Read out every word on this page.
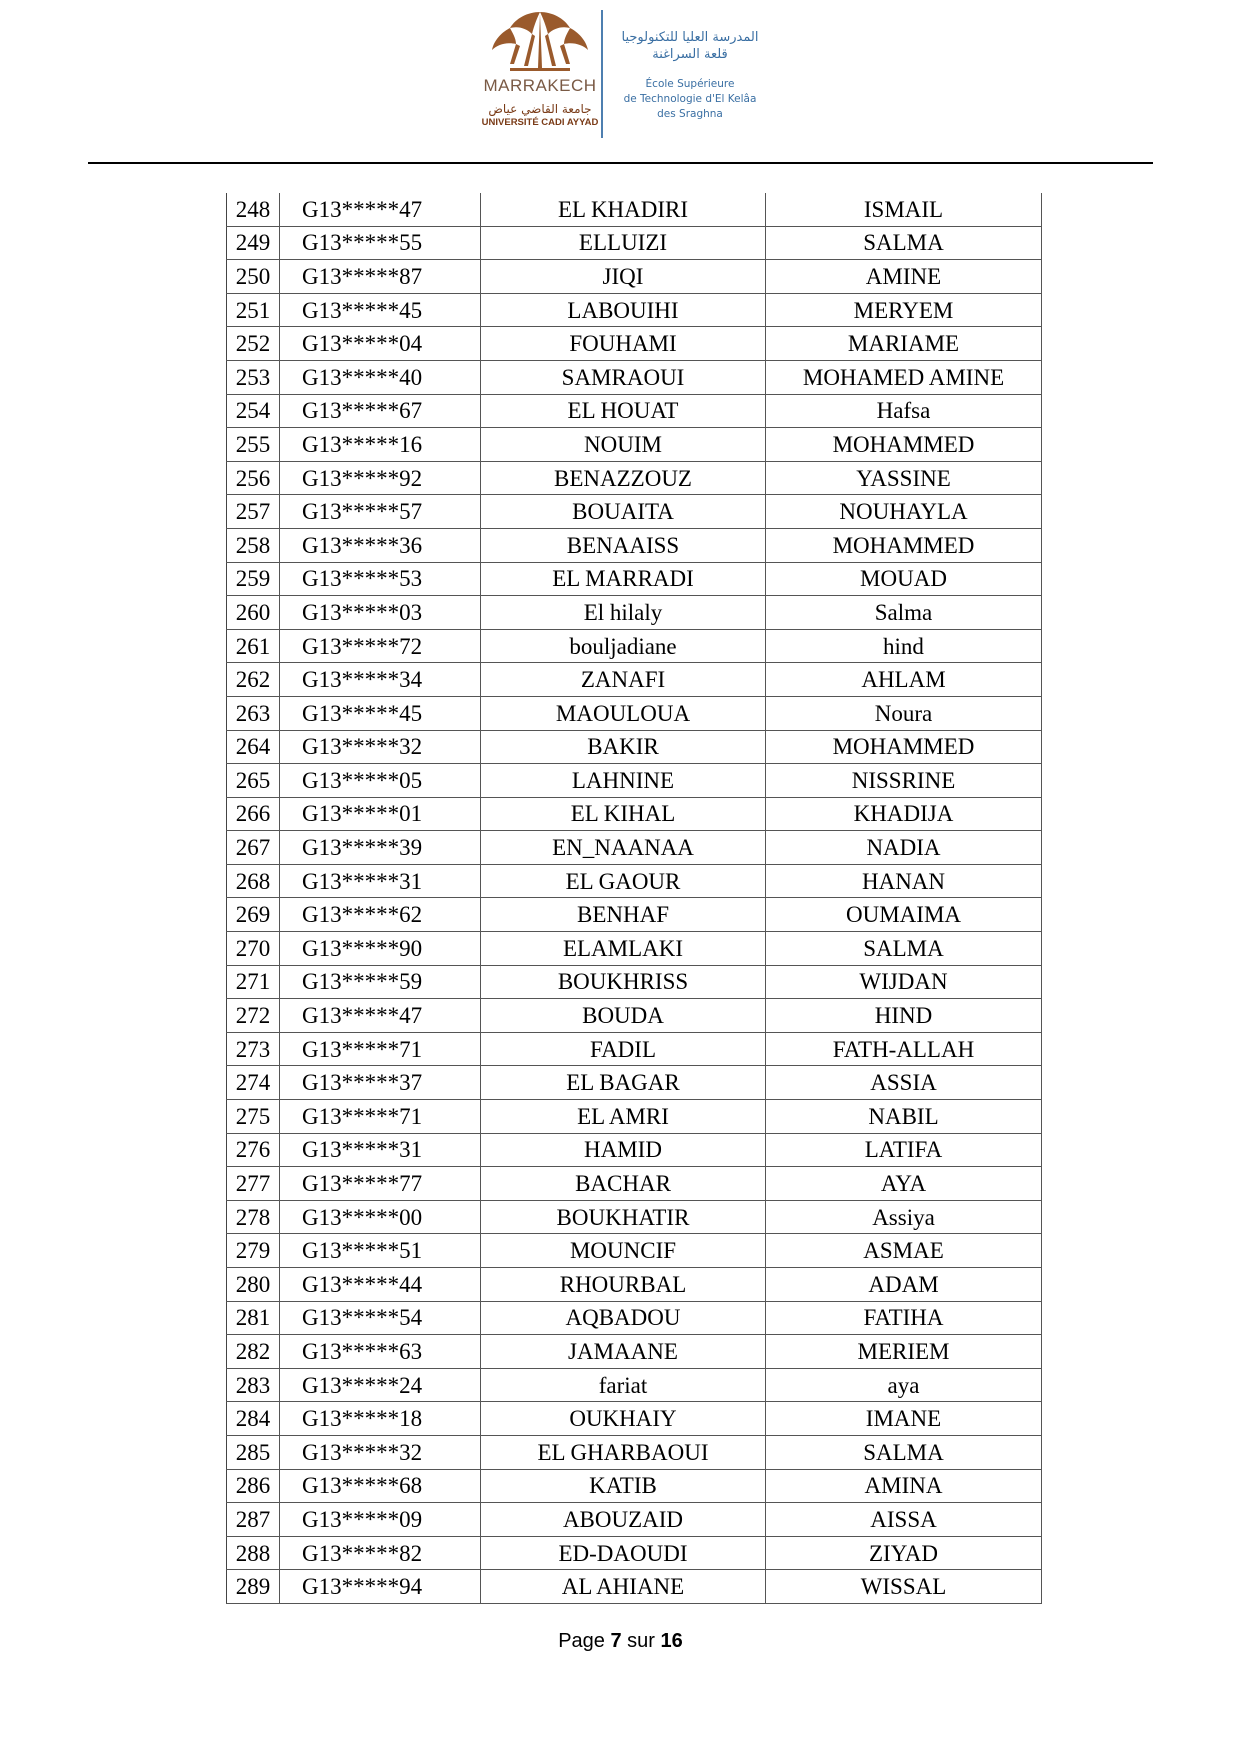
MARRAKECH
جامعة القاضي عياض
UNIVERSITÉ CADI AYYAD
المدرسة العليا للتكنولوجيا
قلعة السراغنة
École Supérieure
de Technologie d'El Kelâa
des Sraghna
248	G13*****47	EL KHADIRI	ISMAIL
249	G13*****55	ELLUIZI	SALMA
250	G13*****87	JIQI	AMINE
251	G13*****45	LABOUIHI	MERYEM
252	G13*****04	FOUHAMI	MARIAME
253	G13*****40	SAMRAOUI	MOHAMED AMINE
254	G13*****67	EL HOUAT	Hafsa
255	G13*****16	NOUIM	MOHAMMED
256	G13*****92	BENAZZOUZ	YASSINE
257	G13*****57	BOUAITA	NOUHAYLA
258	G13*****36	BENAAISS	MOHAMMED
259	G13*****53	EL MARRADI	MOUAD
260	G13*****03	El hilaly	Salma
261	G13*****72	bouljadiane	hind
262	G13*****34	ZANAFI	AHLAM
263	G13*****45	MAOULOUA	Noura
264	G13*****32	BAKIR	MOHAMMED
265	G13*****05	LAHNINE	NISSRINE
266	G13*****01	EL KIHAL	KHADIJA
267	G13*****39	EN_NAANAA	NADIA
268	G13*****31	EL GAOUR	HANAN
269	G13*****62	BENHAF	OUMAIMA
270	G13*****90	ELAMLAKI	SALMA
271	G13*****59	BOUKHRISS	WIJDAN
272	G13*****47	BOUDA	HIND
273	G13*****71	FADIL	FATH-ALLAH
274	G13*****37	EL BAGAR	ASSIA
275	G13*****71	EL AMRI	NABIL
276	G13*****31	HAMID	LATIFA
277	G13*****77	BACHAR	AYA
278	G13*****00	BOUKHATIR	Assiya
279	G13*****51	MOUNCIF	ASMAE
280	G13*****44	RHOURBAL	ADAM
281	G13*****54	AQBADOU	FATIHA
282	G13*****63	JAMAANE	MERIEM
283	G13*****24	fariat	aya
284	G13*****18	OUKHAIY	IMANE
285	G13*****32	EL GHARBAOUI	SALMA
286	G13*****68	KATIB	AMINA
287	G13*****09	ABOUZAID	AISSA
288	G13*****82	ED-DAOUDI	ZIYAD
289	G13*****94	AL AHIANE	WISSAL
Page 7 sur 16
